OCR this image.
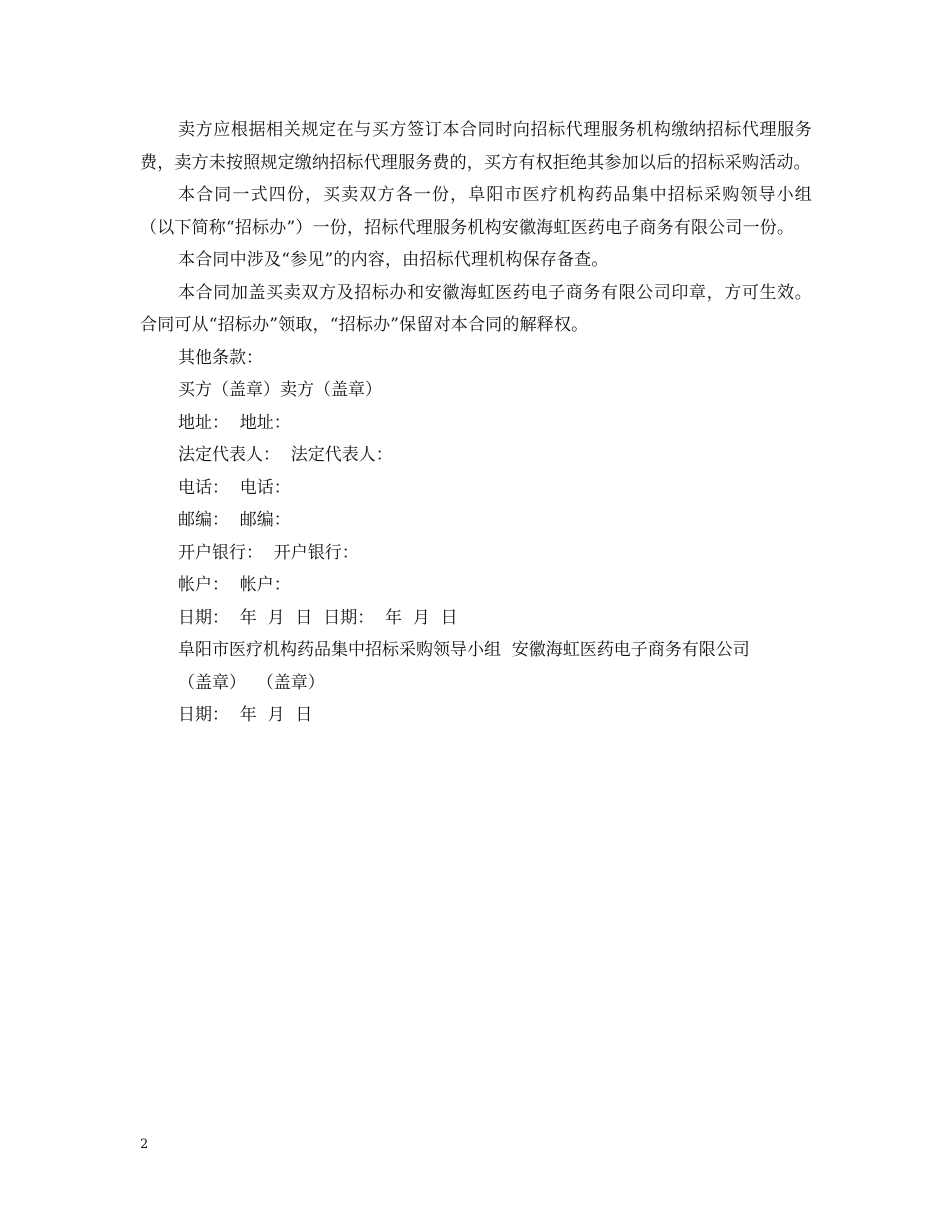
卖方应根据相关规定在与买方签订本合同时向招标代理服务机构缴纳招标代理服务费，卖方未按照规定缴纳招标代理服务费的，买方有权拒绝其参加以后的招标采购活动。

本合同一式四份，买卖双方各一份，阜阳市医疗机构药品集中招标采购领导小组（以下简称“招标办”）一份，招标代理服务机构安徽海虹医药电子商务有限公司一份。

本合同中涉及“参见”的内容，由招标代理机构保存备查。

本合同加盖买卖双方及招标办和安徽海虹医药电子商务有限公司印章，方可生效。合同可从“招标办”领取，“招标办”保留对本合同的解释权。

其他条款：

买方（盖章）卖方（盖章）

地址：  地址：

法定代表人：  法定代表人：

电话：  电话：

邮编：  邮编：

开户银行：  开户银行：

帐户：  帐户：

日期：  年  月  日  日期：  年  月  日

阜阳市医疗机构药品集中招标采购领导小组  安徽海虹医药电子商务有限公司

（盖章）  （盖章）

日期：  年  月  日

2
